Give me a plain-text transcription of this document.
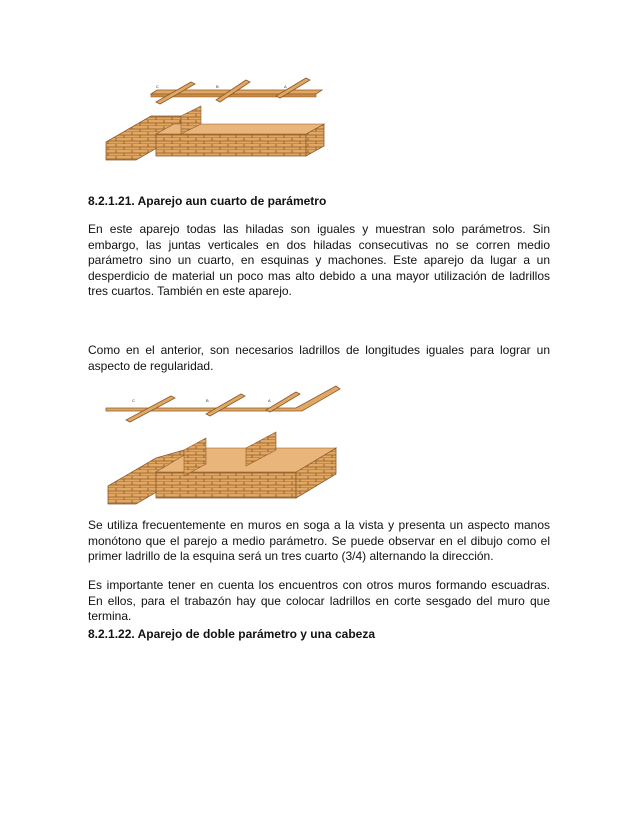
C	B	A
8.2.1.21. Aparejo aun cuarto de parámetro

En este aparejo todas las hiladas son iguales y muestran solo parámetros. Sin embargo, las juntas verticales en dos hiladas consecutivas no se corren medio parámetro sino un cuarto, en esquinas y machones. Este aparejo da lugar a un desperdicio de material un poco mas alto debido a una mayor utilización de ladrillos tres cuartos. También en este aparejo.

Como en el anterior, son necesarios ladrillos de longitudes iguales para lograr un aspecto de regularidad.

C	B	A

Se utiliza frecuentemente en muros en soga a la vista y presenta un aspecto manos monótono que el parejo a medio parámetro. Se puede observar en el dibujo como el primer ladrillo de la esquina será un tres cuarto (3/4) alternando la dirección.

Es importante tener en cuenta los encuentros con otros muros formando escuadras. En ellos, para el trabazón hay que colocar ladrillos en corte sesgado del muro que termina.

8.2.1.22. Aparejo de doble parámetro y una cabeza
